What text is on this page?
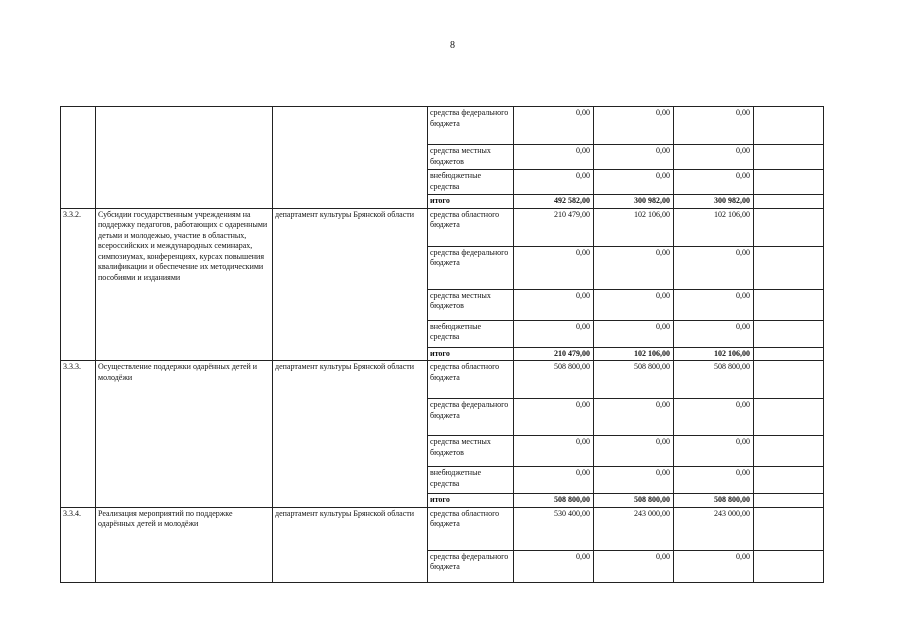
8
			средства федерального бюджета	0,00	0,00	0,00	
			средства местных бюджетов	0,00	0,00	0,00	
			внебюджетные средства	0,00	0,00	0,00	
			итого	492 582,00	300 982,00	300 982,00	
3.3.2.	Субсидии государственным учреждениям на поддержку педагогов, работающих с одаренными детьми и молодежью, участие в областных, всероссийских и международных семинарах, симпозиумах, конференциях, курсах повышения квалификации и обеспечение их методическими пособиями и изданиями	департамент культуры Брянской области	средства областного бюджета	210 479,00	102 106,00	102 106,00	
			средства федерального бюджета	0,00	0,00	0,00	
			средства местных бюджетов	0,00	0,00	0,00	
			внебюджетные средства	0,00	0,00	0,00	
			итого	210 479,00	102 106,00	102 106,00	
3.3.3.	Осуществление поддержки одарённых детей и молодёжи	департамент культуры Брянской области	средства областного бюджета	508 800,00	508 800,00	508 800,00	
			средства федерального бюджета	0,00	0,00	0,00	
			средства местных бюджетов	0,00	0,00	0,00	
			внебюджетные средства	0,00	0,00	0,00	
			итого	508 800,00	508 800,00	508 800,00	
3.3.4.	Реализация мероприятий по поддержке одарённых детей и молодёжи	департамент культуры Брянской области	средства областного бюджета	530 400,00	243 000,00	243 000,00	
			средства федерального бюджета	0,00	0,00	0,00	
